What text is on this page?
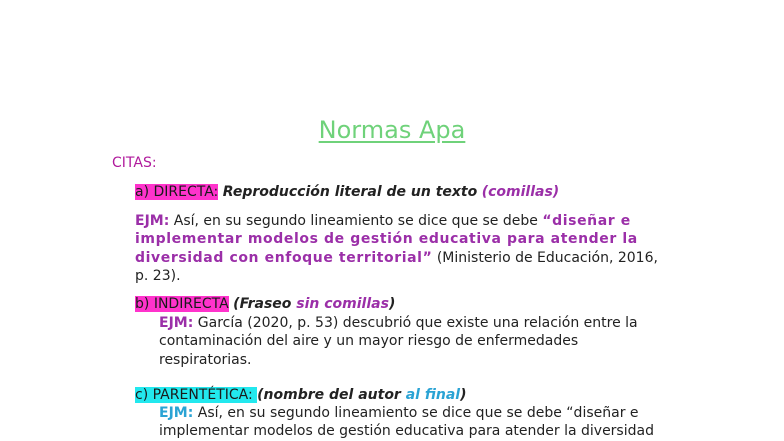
Normas Apa
CITAS:
a) DIRECTA: Reproducción literal de un texto (comillas)
EJM: Así, en su segundo lineamiento se dice que se debe “diseñar e
implementar modelos de gestión educativa para atender la
diversidad con enfoque territorial” (Ministerio de Educación, 2016,
p. 23).
b) INDIRECTA (Fraseo sin comillas)
EJM: García (2020, p. 53) descubrió que existe una relación entre la
contaminación del aire y un mayor riesgo de enfermedades
respiratorias.
c) PARENTÉTICA: (nombre del autor al final)
EJM: Así, en su segundo lineamiento se dice que se debe “diseñar e
implementar modelos de gestión educativa para atender la diversidad
